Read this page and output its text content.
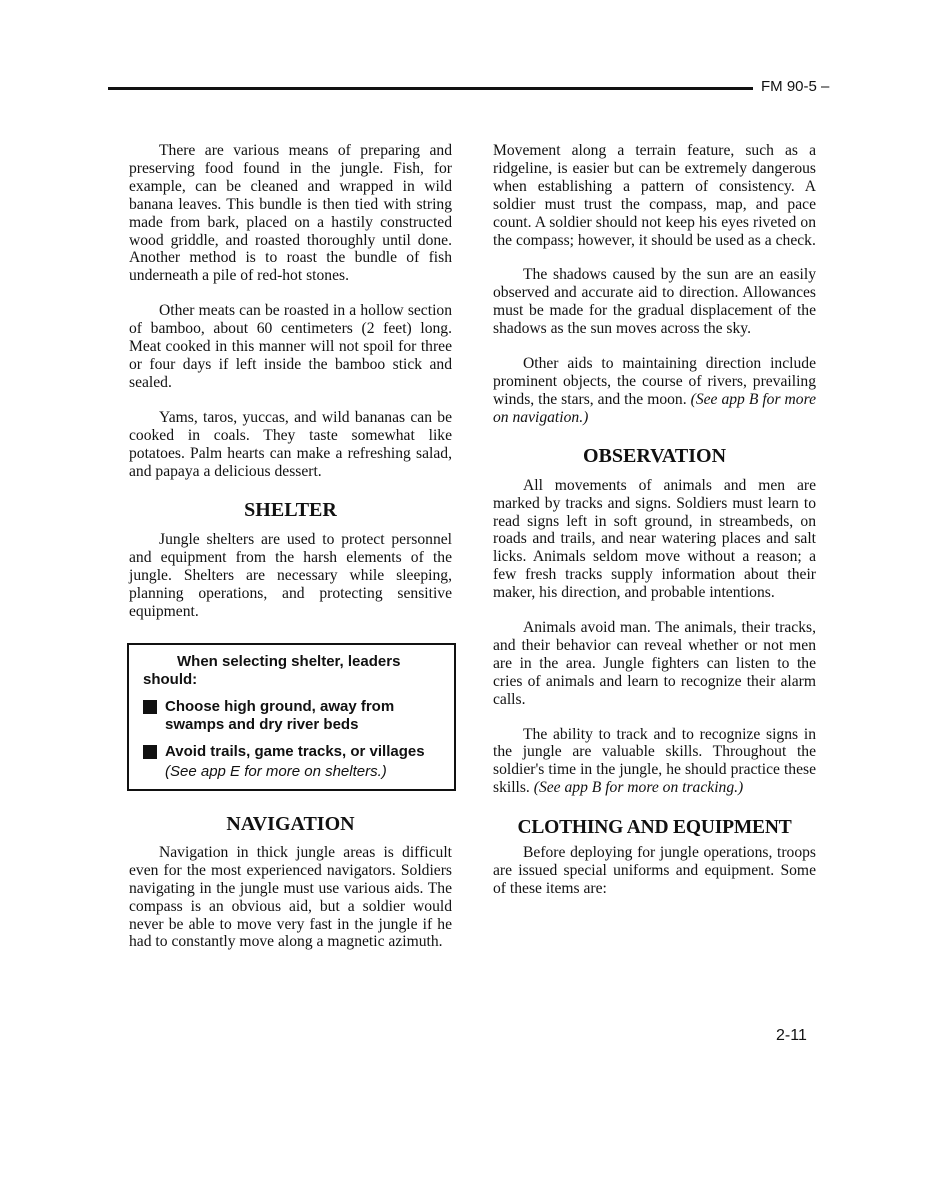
FM 90-5 –

There are various means of preparing and preserving food found in the jungle. Fish, for example, can be cleaned and wrapped in wild banana leaves. This bundle is then tied with string made from bark, placed on a hastily constructed wood griddle, and roasted thoroughly until done. Another method is to roast the bundle of fish underneath a pile of red-hot stones.

Other meats can be roasted in a hollow section of bamboo, about 60 centimeters (2 feet) long. Meat cooked in this manner will not spoil for three or four days if left inside the bamboo stick and sealed.

Yams, taros, yuccas, and wild bananas can be cooked in coals. They taste somewhat like potatoes. Palm hearts can make a refreshing salad, and papaya a delicious dessert.

SHELTER

Jungle shelters are used to protect personnel and equipment from the harsh elements of the jungle. Shelters are necessary while sleeping, planning operations, and protecting sensitive equipment.

When selecting shelter, leaders should:
Choose high ground, away from swamps and dry river beds
Avoid trails, game tracks, or villages
(See app E for more on shelters.)
NAVIGATION

Navigation in thick jungle areas is difficult even for the most experienced navigators. Soldiers navigating in the jungle must use various aids. The compass is an obvious aid, but a soldier would never be able to move very fast in the jungle if he had to constantly move along a magnetic azimuth.

Movement along a terrain feature, such as a ridgeline, is easier but can be extremely dangerous when establishing a pattern of consistency. A soldier must trust the compass, map, and pace count. A soldier should not keep his eyes riveted on the compass; however, it should be used as a check.

The shadows caused by the sun are an easily observed and accurate aid to direction. Allowances must be made for the gradual displacement of the shadows as the sun moves across the sky.

Other aids to maintaining direction include prominent objects, the course of rivers, prevailing winds, the stars, and the moon. (See app B for more on navigation.)

OBSERVATION

All movements of animals and men are marked by tracks and signs. Soldiers must learn to read signs left in soft ground, in streambeds, on roads and trails, and near watering places and salt licks. Animals seldom move without a reason; a few fresh tracks supply information about their maker, his direction, and probable intentions.

Animals avoid man. The animals, their tracks, and their behavior can reveal whether or not men are in the area. Jungle fighters can listen to the cries of animals and learn to recognize their alarm calls.

The ability to track and to recognize signs in the jungle are valuable skills. Throughout the soldier's time in the jungle, he should practice these skills. (See app B for more on tracking.)

CLOTHING AND EQUIPMENT

Before deploying for jungle operations, troops are issued special uniforms and equipment. Some of these items are:

2-11
